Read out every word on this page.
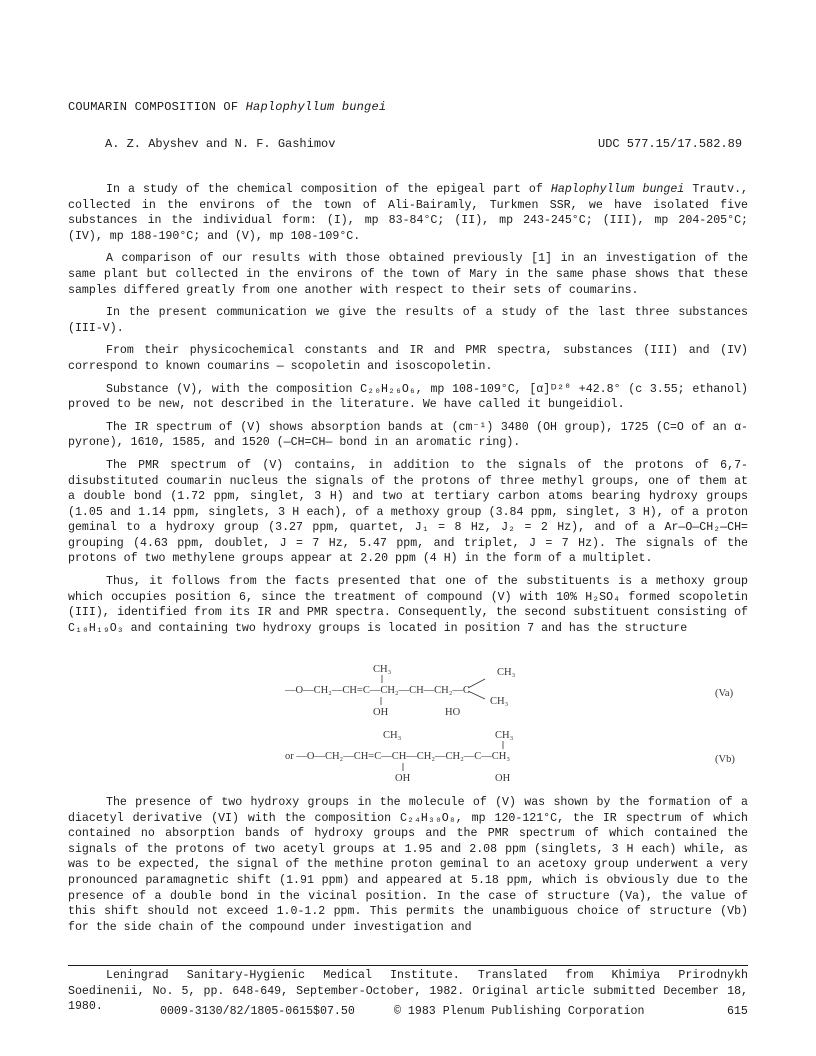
COUMARIN COMPOSITION OF Haplophyllum bungei
A. Z. Abyshev and N. F. Gashimov	UDC 577.15/17.582.89

In a study of the chemical composition of the epigeal part of Haplophyllum bungei Trautv., collected in the environs of the town of Ali-Bairamly, Turkmen SSR, we have isolated five substances in the individual form: (I), mp 83-84°C; (II), mp 243-245°C; (III), mp 204-205°C; (IV), mp 188-190°C; and (V), mp 108-109°C.

A comparison of our results with those obtained previously [1] in an investigation of the same plant but collected in the environs of the town of Mary in the same phase shows that these samples differed greatly from one another with respect to their sets of coumarins.

In the present communication we give the results of a study of the last three substances (III-V).

From their physicochemical constants and IR and PMR spectra, substances (III) and (IV) correspond to known coumarins — scopoletin and isoscopoletin.

Substance (V), with the composition C₂₀H₂₆O₆, mp 108-109°C, [α]ᴰ²⁰ +42.8° (c 3.55; ethanol) proved to be new, not described in the literature. We have called it bungeidiol.

The IR spectrum of (V) shows absorption bands at (cm⁻¹) 3480 (OH group), 1725 (C=O of an α-pyrone), 1610, 1585, and 1520 (—CH=CH— bond in an aromatic ring).

The PMR spectrum of (V) contains, in addition to the signals of the protons of 6,7-disubstituted coumarin nucleus the signals of the protons of three methyl groups, one of them at a double bond (1.72 ppm, singlet, 3 H) and two at tertiary carbon atoms bearing hydroxy groups (1.05 and 1.14 ppm, singlets, 3 H each), of a methoxy group (3.84 ppm, singlet, 3 H), of a proton geminal to a hydroxy group (3.27 ppm, quartet, J₁ = 8 Hz, J₂ = 2 Hz), and of a Ar—O—CH₂—CH= grouping (4.63 ppm, doublet, J = 7 Hz, 5.47 ppm, and triplet, J = 7 Hz). The signals of the protons of two methylene groups appear at 2.20 ppm (4 H) in the form of a multiplet.

Thus, it follows from the facts presented that one of the substituents is a methoxy group which occupies position 6, since the treatment of compound (V) with 10% H₂SO₄ formed scopoletin (III), identified from its IR and PMR spectra. Consequently, the second substituent consisting of C₁₀H₁₉O₃ and containing two hydroxy groups is located in position 7 and has the structure

CH₃	CH₃
—O—CH₂—CH=C—CH₂—CH—CH₂—C
CH₃
OH	HO
(Va)
CH₃	CH₃
or —O—CH₂—CH=C—CH—CH₂—CH₂—C—CH₃
OH	OH
(Vb)

The presence of two hydroxy groups in the molecule of (V) was shown by the formation of a diacetyl derivative (VI) with the composition C₂₄H₃₀O₈, mp 120-121°C, the IR spectrum of which contained no absorption bands of hydroxy groups and the PMR spectrum of which contained the signals of the protons of two acetyl groups at 1.95 and 2.08 ppm (singlets, 3 H each) while, as was to be expected, the signal of the methine proton geminal to an acetoxy group underwent a very pronounced paramagnetic shift (1.91 ppm) and appeared at 5.18 ppm, which is obviously due to the presence of a double bond in the vicinal position. In the case of structure (Va), the value of this shift should not exceed 1.0-1.2 ppm. This permits the unambiguous choice of structure (Vb) for the side chain of the compound under investigation and

Leningrad Sanitary-Hygienic Medical Institute. Translated from Khimiya Prirodnykh Soedinenii, No. 5, pp. 648-649, September-October, 1982. Original article submitted December 18, 1980.	0009-3130/82/1805-0615$07.50	© 1983 Plenum Publishing Corporation	615
